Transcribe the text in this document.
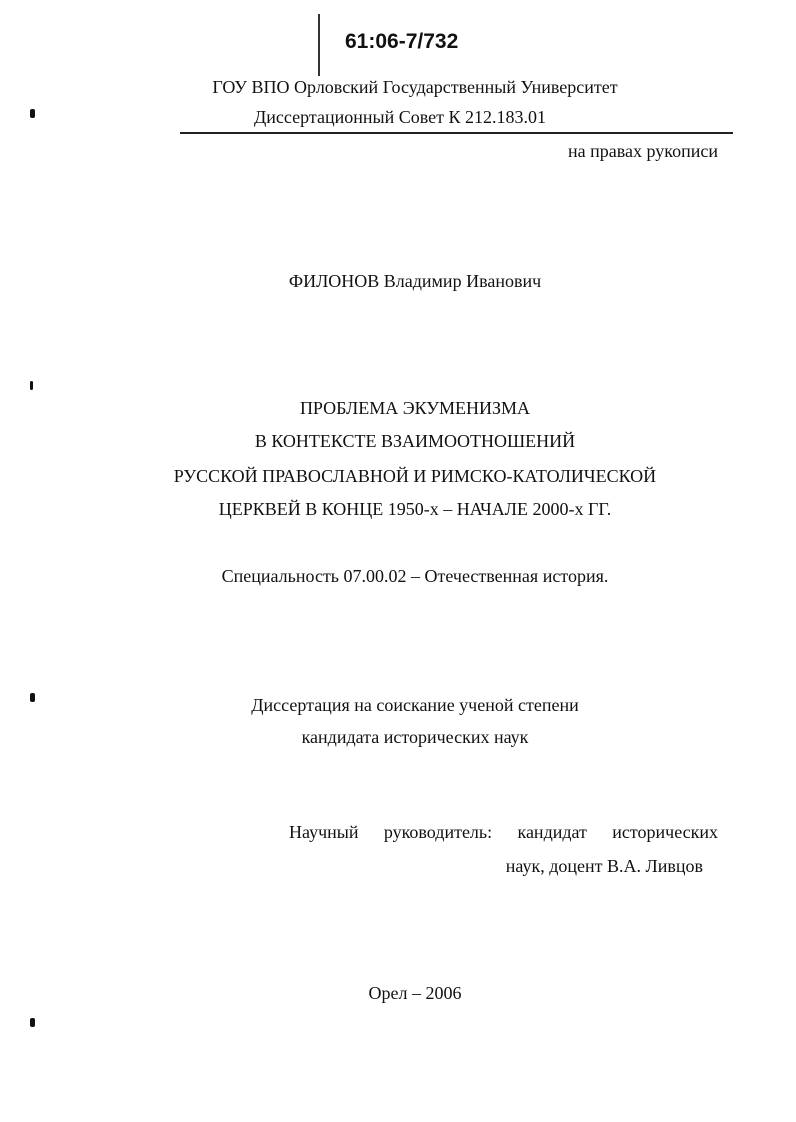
61:06-7/732
ГОУ ВПО Орловский Государственный Университет
Диссертационный Совет К 212.183.01
на правах рукописи
ФИЛОНОВ Владимир Иванович
ПРОБЛЕМА ЭКУМЕНИЗМА
В КОНТЕКСТЕ ВЗАИМООТНОШЕНИЙ
РУССКОЙ ПРАВОСЛАВНОЙ И РИМСКО-КАТОЛИЧЕСКОЙ
ЦЕРКВЕЙ В КОНЦЕ 1950-х – НАЧАЛЕ 2000-х ГГ.
Специальность 07.00.02 – Отечественная история.
Диссертация на соискание ученой степени
кандидата исторических наук
Научный руководитель: кандидат исторических
наук, доцент В.А. Ливцов
Орел – 2006
